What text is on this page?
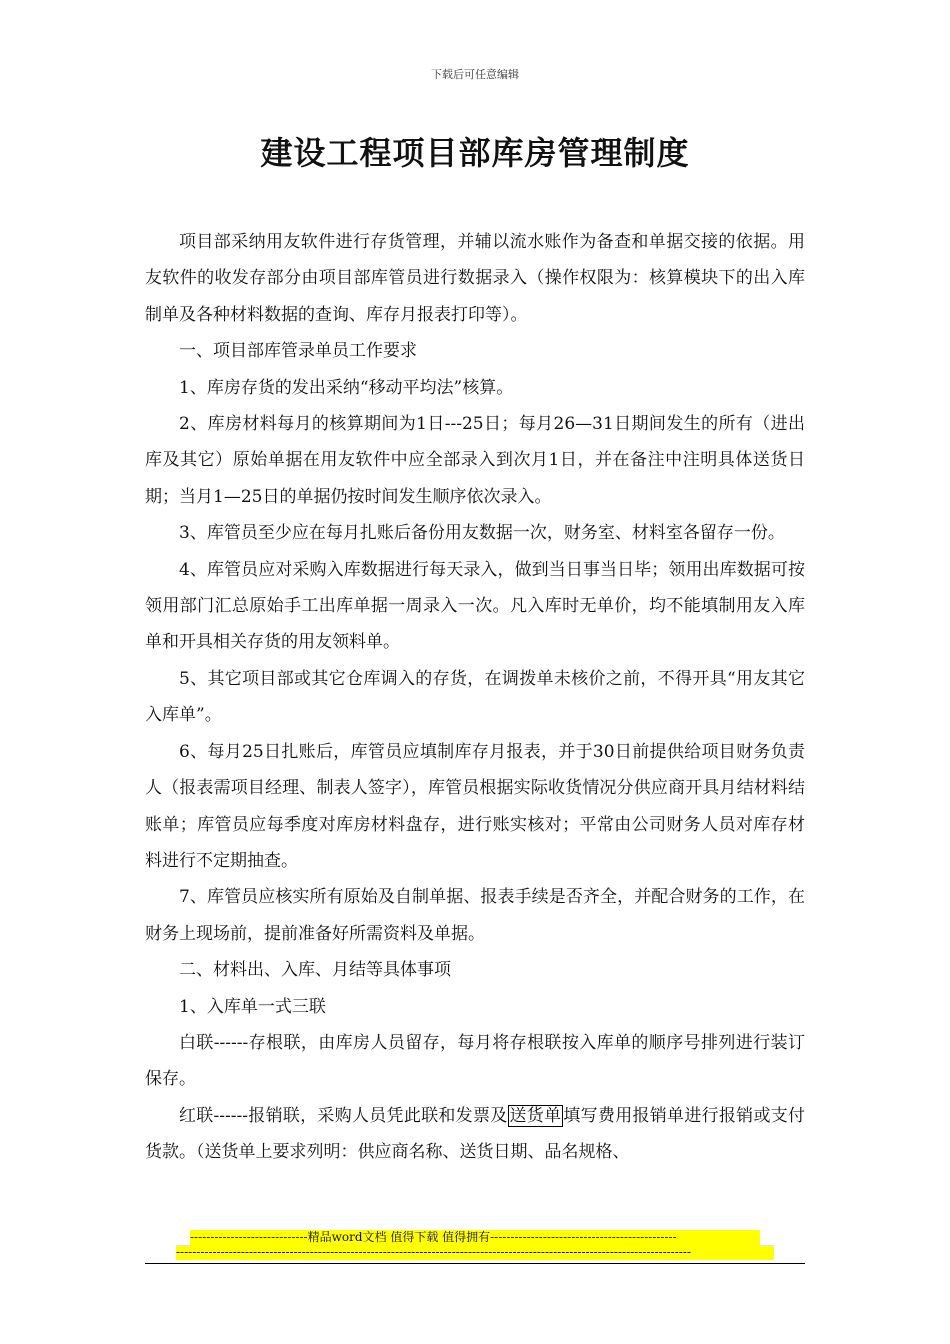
下载后可任意编辑
建设工程项目部库房管理制度

项目部采纳用友软件进行存货管理，并辅以流水账作为备查和单据交接的依据。用友软件的收发存部分由项目部库管员进行数据录入（操作权限为：核算模块下的出入库制单及各种材料数据的查询、库存月报表打印等）。

一、项目部库管录单员工作要求

1、库房存货的发出采纳“移动平均法”核算。

2、库房材料每月的核算期间为1日---25日；每月26—31日期间发生的所有（进出库及其它）原始单据在用友软件中应全部录入到次月1日，并在备注中注明具体送货日期；当月1—25日的单据仍按时间发生顺序依次录入。

3、库管员至少应在每月扎账后备份用友数据一次，财务室、材料室各留存一份。

4、库管员应对采购入库数据进行每天录入，做到当日事当日毕；领用出库数据可按领用部门汇总原始手工出库单据一周录入一次。凡入库时无单价，均不能填制用友入库单和开具相关存货的用友领料单。

5、其它项目部或其它仓库调入的存货，在调拨单未核价之前，不得开具“用友其它入库单”。

6、每月25日扎账后，库管员应填制库存月报表，并于30日前提供给项目财务负责人（报表需项目经理、制表人签字），库管员根据实际收货情况分供应商开具月结材料结账单；库管员应每季度对库房材料盘存，进行账实核对；平常由公司财务人员对库存材料进行不定期抽查。

7、库管员应核实所有原始及自制单据、报表手续是否齐全，并配合财务的工作，在财务上现场前，提前准备好所需资料及单据。

二、材料出、入库、月结等具体事项

1、入库单一式三联

白联------存根联，由库房人员留存，每月将存根联按入库单的顺序号排列进行装订保存。

红联------报销联，采购人员凭此联和发票及 送货单 填写费用报销单进行报销或支付货款。（送货单上要求列明：供应商名称、送货日期、品名规格、

-----------------------------精品word文档 值得下载 值得拥有----------------------------------------------
-------------------------------------------------------------------------------------------------------------------------------
